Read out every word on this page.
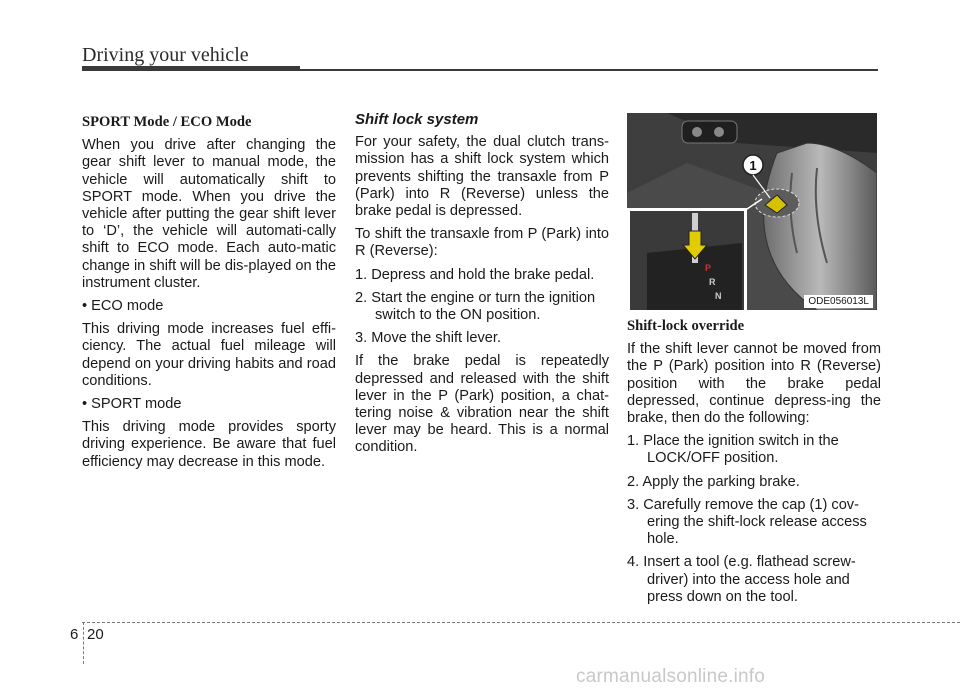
Driving your vehicle
SPORT Mode / ECO Mode

When you drive after changing the gear shift lever to manual mode, the vehicle will automatically shift to SPORT mode. When you drive the vehicle after putting the gear shift lever to ‘D’, the vehicle will automati-cally shift to ECO mode. Each auto-matic change in shift will be dis-played on the instrument cluster.

• ECO mode

This driving mode increases fuel effi-ciency. The actual fuel mileage will depend on your driving habits and road conditions.

• SPORT mode

This driving mode provides sporty driving experience. Be aware that fuel efficiency may decrease in this mode.

Shift lock system

For your safety, the dual clutch trans-mission has a shift lock system which prevents shifting the transaxle from P (Park) into R (Reverse) unless the brake pedal is depressed.

To shift the transaxle from P (Park) into R (Reverse):

1. Depress and hold the brake pedal.

2. Start the engine or turn the ignition switch to the ON position.

3. Move the shift lever.

If the brake pedal is repeatedly depressed and released with the shift lever in the P (Park) position, a chat-tering noise & vibration near the shift lever may be heard. This is a normal condition.

1
P
R
N	ODE056013L
Shift-lock override

If the shift lever cannot be moved from the P (Park) position into R (Reverse) position with the brake pedal depressed, continue depress-ing the brake, then do the following:

1. Place the ignition switch in the LOCK/OFF position.

2. Apply the parking brake.

3. Carefully remove the cap (1) cov-ering the shift-lock release access hole.

4. Insert a tool (e.g. flathead screw-driver) into the access hole and press down on the tool.

6 20
carmanualsonline.info
